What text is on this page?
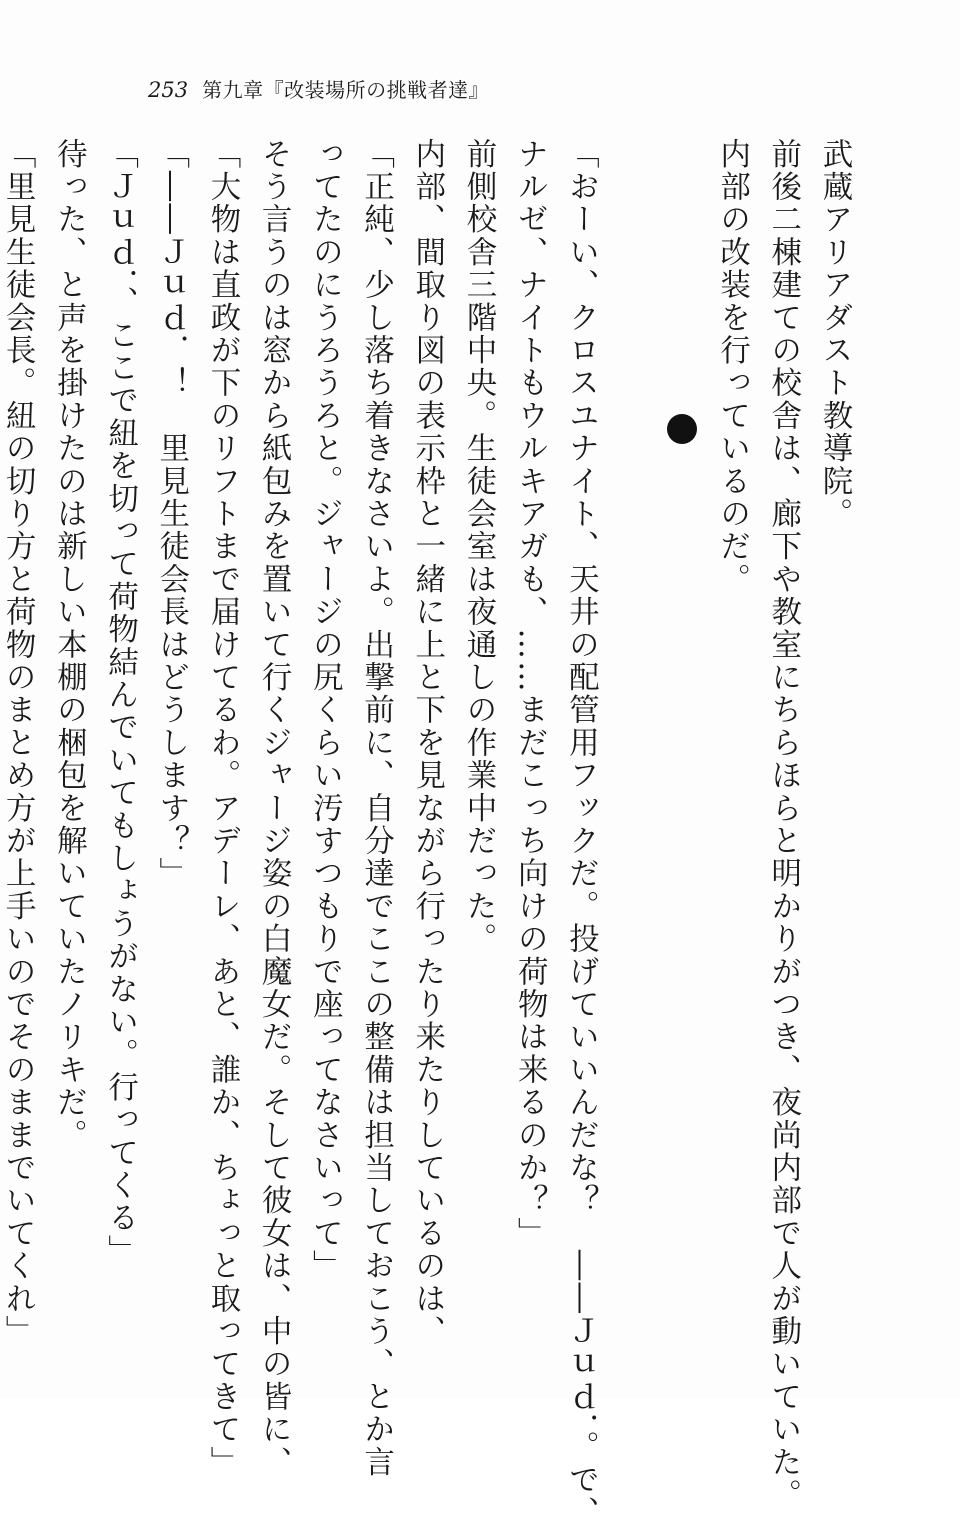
253 第九章『改装場所の挑戦者達』
武蔵アリアダスト教導院。
前後二棟建ての校舎は、廊下や教室にちらほらと明かりがつき、夜尚内部で人が動いていた。
内部の改装を行っているのだ。
「おーい、クロスユナイト、天井の配管用フックだ。投げていいんだな？　――Ｊｕｄ．。で、
ナルゼ、ナイトもウルキアガも、……まだこっち向けの荷物は来るのか？」
前側校舎三階中央。生徒会室は夜通しの作業中だった。
内部、間取り図の表示枠と一緒に上と下を見ながら行ったり来たりしているのは、
「正純、少し落ち着きなさいよ。出撃前に、自分達でここの整備は担当しておこう、とか言
ってたのにうろうろと。ジャージの尻くらい汚すつもりで座ってなさいって」
そう言うのは窓から紙包みを置いて行くジャージ姿の白魔女だ。そして彼女は、中の皆に、
「大物は直政が下のリフトまで届けてるわ。アデーレ、あと、誰か、ちょっと取ってきて」
「――Ｊｕｄ．！　里見生徒会長はどうします？」
「Ｊｕｄ．、ここで紐を切って荷物結んでいてもしょうがない。行ってくる」
待った、と声を掛けたのは新しい本棚の梱包を解いていたノリキだ。
「里見生徒会長。紐の切り方と荷物のまとめ方が上手いのでそのままでいてくれ」
